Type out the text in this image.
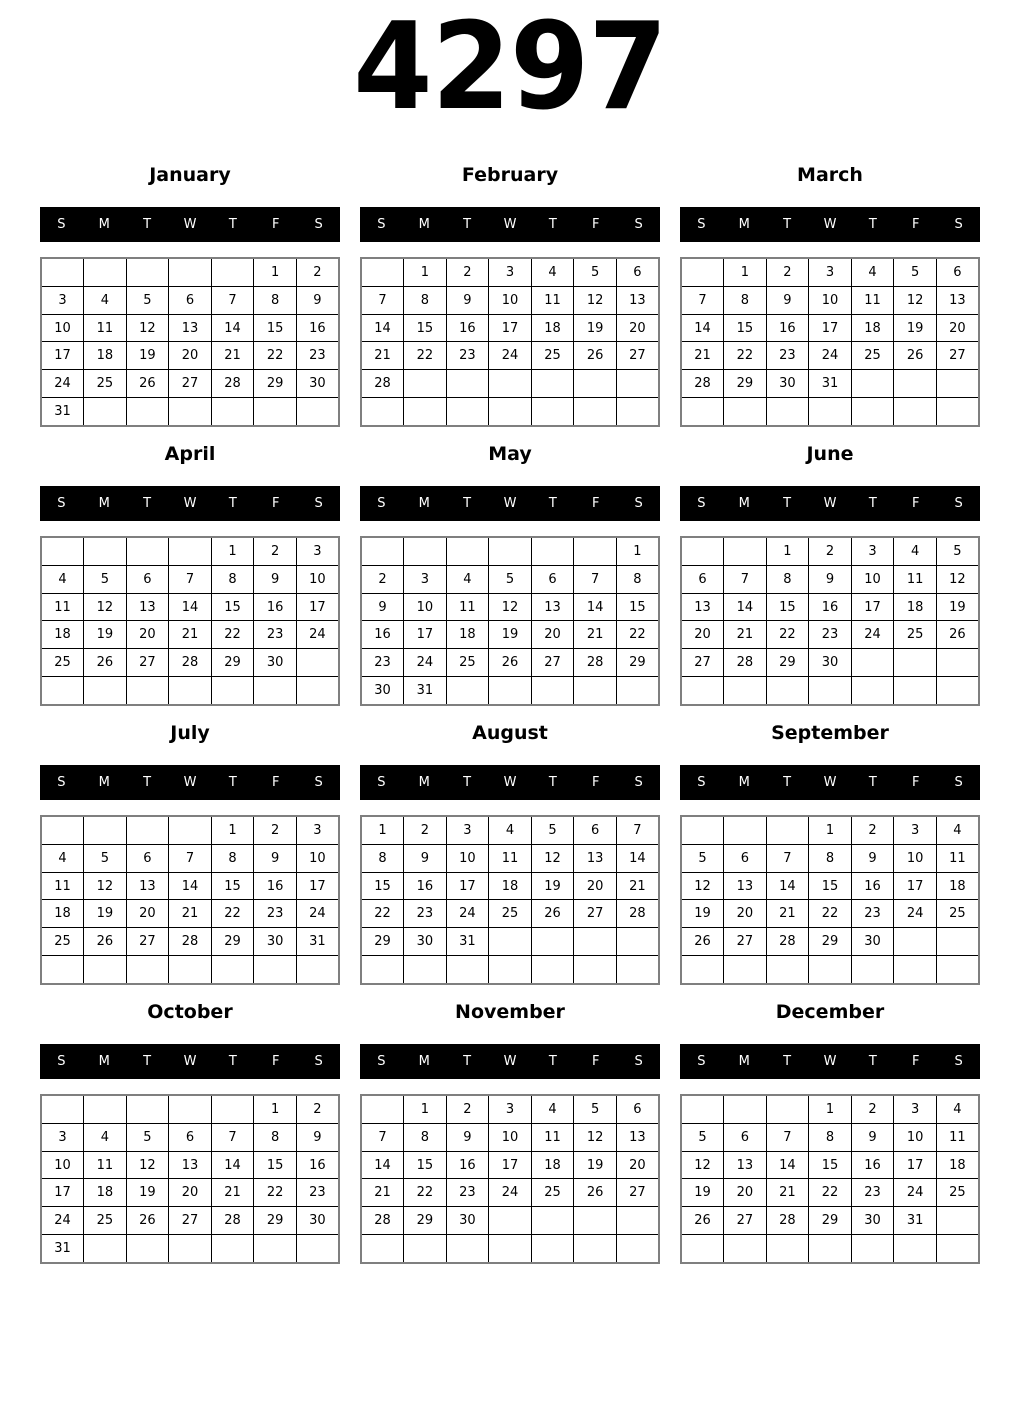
4297
January
S	M	T	W	T	F	S
					1	2
3	4	5	6	7	8	9
10	11	12	13	14	15	16
17	18	19	20	21	22	23
24	25	26	27	28	29	30
31						
February
S	M	T	W	T	F	S
	1	2	3	4	5	6
7	8	9	10	11	12	13
14	15	16	17	18	19	20
21	22	23	24	25	26	27
28						

March
S	M	T	W	T	F	S
	1	2	3	4	5	6
7	8	9	10	11	12	13
14	15	16	17	18	19	20
21	22	23	24	25	26	27
28	29	30	31			

April
S	M	T	W	T	F	S
				1	2	3
4	5	6	7	8	9	10
11	12	13	14	15	16	17
18	19	20	21	22	23	24
25	26	27	28	29	30	

May
S	M	T	W	T	F	S
						1
2	3	4	5	6	7	8
9	10	11	12	13	14	15
16	17	18	19	20	21	22
23	24	25	26	27	28	29
30	31					
June
S	M	T	W	T	F	S
		1	2	3	4	5
6	7	8	9	10	11	12
13	14	15	16	17	18	19
20	21	22	23	24	25	26
27	28	29	30			

July
S	M	T	W	T	F	S
				1	2	3
4	5	6	7	8	9	10
11	12	13	14	15	16	17
18	19	20	21	22	23	24
25	26	27	28	29	30	31

August
S	M	T	W	T	F	S
1	2	3	4	5	6	7
8	9	10	11	12	13	14
15	16	17	18	19	20	21
22	23	24	25	26	27	28
29	30	31				

September
S	M	T	W	T	F	S
			1	2	3	4
5	6	7	8	9	10	11
12	13	14	15	16	17	18
19	20	21	22	23	24	25
26	27	28	29	30		

October
S	M	T	W	T	F	S
					1	2
3	4	5	6	7	8	9
10	11	12	13	14	15	16
17	18	19	20	21	22	23
24	25	26	27	28	29	30
31						
November
S	M	T	W	T	F	S
	1	2	3	4	5	6
7	8	9	10	11	12	13
14	15	16	17	18	19	20
21	22	23	24	25	26	27
28	29	30				

December
S	M	T	W	T	F	S
			1	2	3	4
5	6	7	8	9	10	11
12	13	14	15	16	17	18
19	20	21	22	23	24	25
26	27	28	29	30	31	
